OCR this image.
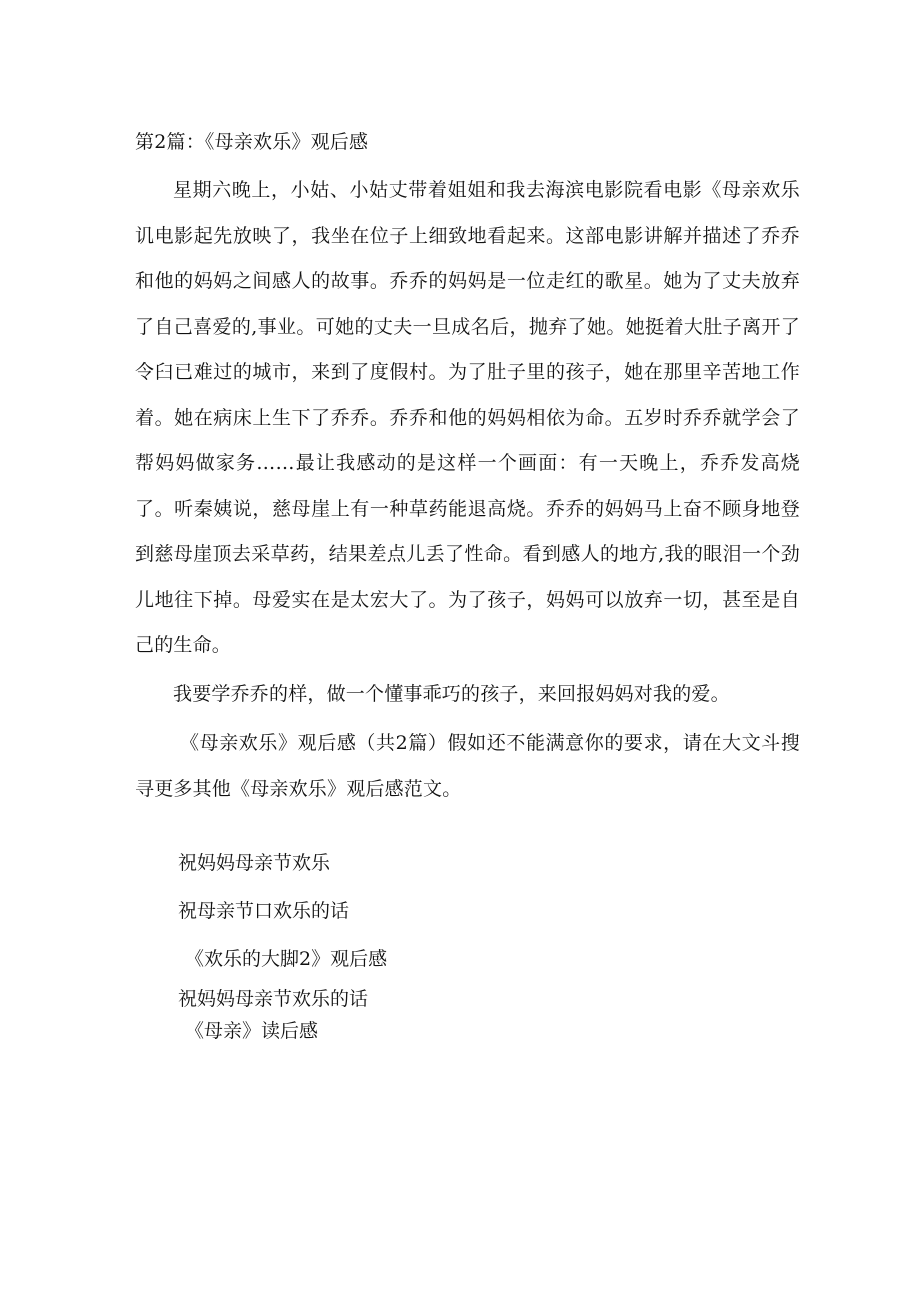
第2篇：《母亲欢乐》观后感

星期六晚上，小姑、小姑丈带着姐姐和我去海滨电影院看电影《母亲欢乐讥电影起先放映了，我坐在位子上细致地看起来。这部电影讲解并描述了乔乔和他的妈妈之间感人的故事。乔乔的妈妈是一位走红的歌星。她为了丈夫放弃了自己喜爱的,事业。可她的丈夫一旦成名后，抛弃了她。她挺着大肚子离开了令臼已难过的城市，来到了度假村。为了肚子里的孩子，她在那里辛苦地工作着。她在病床上生下了乔乔。乔乔和他的妈妈相依为命。五岁时乔乔就学会了帮妈妈做家务……最让我感动的是这样一个画面：有一天晚上，乔乔发高烧了。听秦姨说，慈母崖上有一种草药能退高烧。乔乔的妈妈马上奋不顾身地登到慈母崖顶去采草药，结果差点儿丢了性命。看到感人的地方,我的眼泪一个劲儿地往下掉。母爱实在是太宏大了。为了孩子，妈妈可以放弃一切，甚至是自己的生命。

我要学乔乔的样，做一个懂事乖巧的孩子，来回报妈妈对我的爱。

《母亲欢乐》观后感（共2篇）假如还不能满意你的要求，请在大文斗搜寻更多其他《母亲欢乐》观后感范文。

祝妈妈母亲节欢乐
祝母亲节口欢乐的话
《欢乐的大脚2》观后感
祝妈妈母亲节欢乐的话
《母亲》读后感
